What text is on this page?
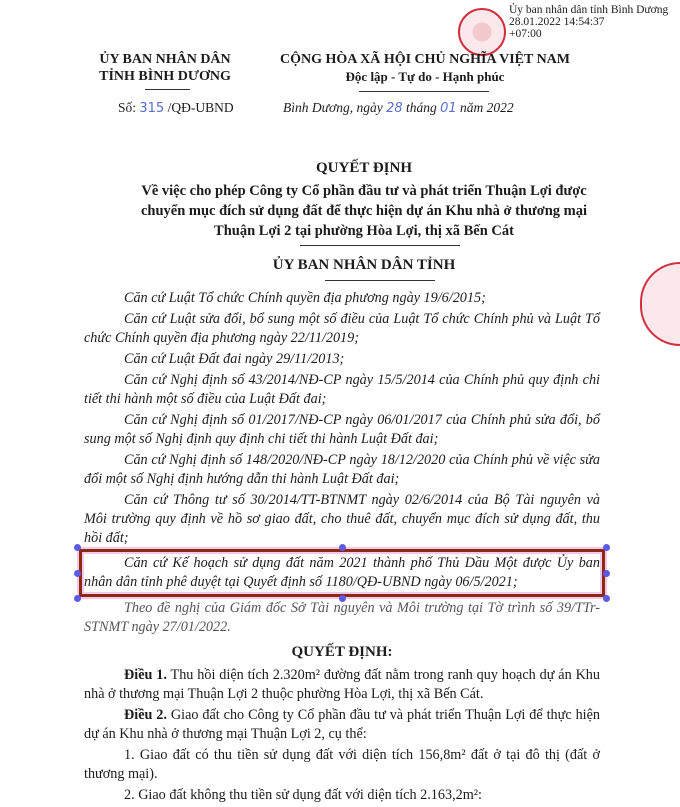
Ủy ban nhân dân tỉnh Bình Dương
28.01.2022 14:54:37
+07:00
ỦY BAN NHÂN DÂN
TỈNH BÌNH DƯƠNG
CỘNG HÒA XÃ HỘI CHỦ NGHĨA VIỆT NAM
Độc lập - Tự do - Hạnh phúc
Số: 315 /QĐ-UBND	Bình Dương, ngày 28 tháng 01 năm 2022
QUYẾT ĐỊNH
Về việc cho phép Công ty Cổ phần đầu tư và phát triển Thuận Lợi được
chuyển mục đích sử dụng đất để thực hiện dự án Khu nhà ở thương mại
Thuận Lợi 2 tại phường Hòa Lợi, thị xã Bến Cát
ỦY BAN NHÂN DÂN TỈNH

Căn cứ Luật Tổ chức Chính quyền địa phương ngày 19/6/2015;

Căn cứ Luật sửa đổi, bổ sung một số điều của Luật Tổ chức Chính phủ và Luật Tổ chức Chính quyền địa phương ngày 22/11/2019;

Căn cứ Luật Đất đai ngày 29/11/2013;

Căn cứ Nghị định số 43/2014/NĐ-CP ngày 15/5/2014 của Chính phủ quy định chi tiết thi hành một số điều của Luật Đất đai;

Căn cứ Nghị định số 01/2017/NĐ-CP ngày 06/01/2017 của Chính phủ sửa đổi, bổ sung một số Nghị định quy định chi tiết thi hành Luật Đất đai;

Căn cứ Nghị định số 148/2020/NĐ-CP ngày 18/12/2020 của Chính phủ về việc sửa đổi một số Nghị định hướng dẫn thi hành Luật Đất đai;

Căn cứ Thông tư số 30/2014/TT-BTNMT ngày 02/6/2014 của Bộ Tài nguyên và Môi trường quy định về hồ sơ giao đất, cho thuê đất, chuyển mục đích sử dụng đất, thu hồi đất;

Căn cứ Kế hoạch sử dụng đất năm 2021 thành phố Thủ Dầu Một được Ủy ban nhân dân tỉnh phê duyệt tại Quyết định số 1180/QĐ-UBND ngày 06/5/2021;

Theo đề nghị của Giám đốc Sở Tài nguyên và Môi trường tại Tờ trình số 39/TTr-STNMT ngày 27/01/2022.

QUYẾT ĐỊNH:

Điều 1. Thu hồi diện tích 2.320m² đường đất nằm trong ranh quy hoạch dự án Khu nhà ở thương mại Thuận Lợi 2 thuộc phường Hòa Lợi, thị xã Bến Cát.

Điều 2. Giao đất cho Công ty Cổ phần đầu tư và phát triển Thuận Lợi để thực hiện dự án Khu nhà ở thương mại Thuận Lợi 2, cụ thể:

1. Giao đất có thu tiền sử dụng đất với diện tích 156,8m² đất ở tại đô thị (đất ở thương mại).

2. Giao đất không thu tiền sử dụng đất với diện tích 2.163,2m²:
